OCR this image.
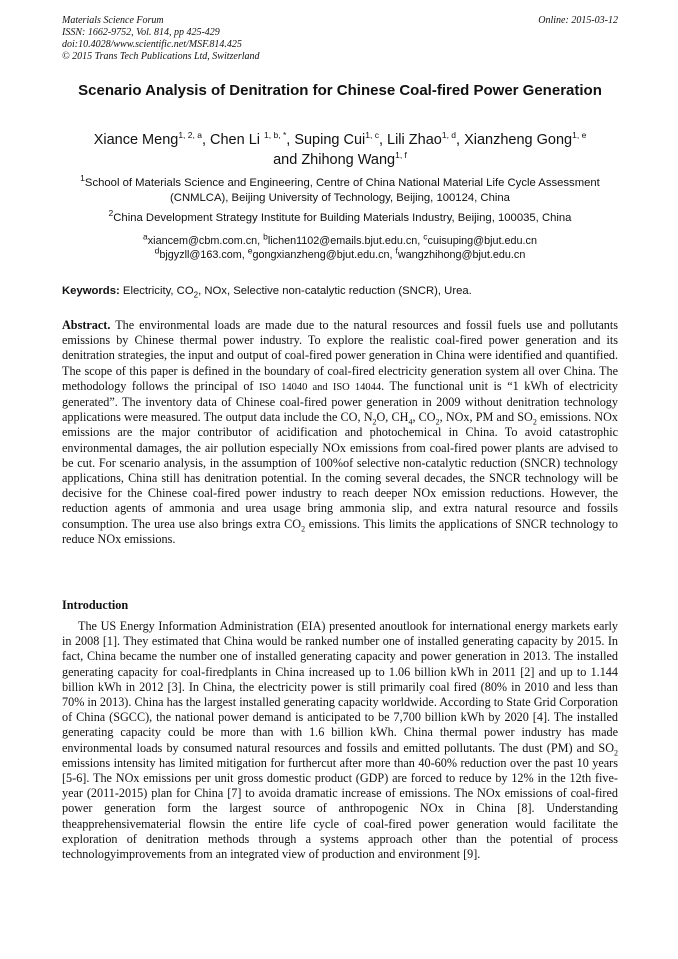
Materials Science Forum
ISSN: 1662-9752, Vol. 814, pp 425-429
doi:10.4028/www.scientific.net/MSF.814.425
© 2015 Trans Tech Publications Ltd, Switzerland
Online: 2015-03-12
Scenario Analysis of Denitration for Chinese Coal-fired Power Generation
Xiance Meng$^{1, 2, a}$, Chen Li $^{1, b, *}$, Suping Cui$^{1, c}$, Lili Zhao$^{1, d}$, Xianzheng Gong$^{1, e}$
and Zhihong Wang$^{1, f}$
$^1$School of Materials Science and Engineering, Centre of China National Material Life Cycle Assessment (CNMLCA), Beijing University of Technology, Beijing, 100124, China
$^2$China Development Strategy Institute for Building Materials Industry, Beijing, 100035, China
$^a$xiancem@cbm.com.cn, $^b$lichen1102@emails.bjut.edu.cn, $^c$cuisuping@bjut.edu.cn
$^d$bjgyzll@163.com, $^e$gongxianzheng@bjut.edu.cn, $^f$wangzhihong@bjut.edu.cn
Keywords: Electricity, $CO_2$, NOx, Selective non-catalytic reduction (SNCR), Urea.

Abstract. The environmental loads are made due to the natural resources and fossil fuels use and pollutants emissions by Chinese thermal power industry. To explore the realistic coal-fired power generation and its denitration strategies, the input and output of coal-fired power generation in China were identified and quantified. The scope of this paper is defined in the boundary of coal-fired electricity generation system all over China. The methodology follows the principal of ISO 14040 and ISO 14044. The functional unit is “1 kWh of electricity generated”. The inventory data of Chinese coal-fired power generation in 2009 without denitration technology applications were measured. The output data include the CO, $N_2O$, $CH_4$, $CO_2$, NOx, PM and $SO_2$ emissions. NOx emissions are the major contributor of acidification and photochemical in China. To avoid catastrophic environmental damages, the air pollution especially NOx emissions from coal-fired power plants are advised to be cut. For scenario analysis, in the assumption of 100%of selective non-catalytic reduction (SNCR) technology applications, China still has denitration potential. In the coming several decades, the SNCR technology will be decisive for the Chinese coal-fired power industry to reach deeper NOx emission reductions. However, the reduction agents of ammonia and urea usage bring ammonia slip, and extra natural resource and fossils consumption. The urea use also brings extra $CO_2$ emissions. This limits the applications of SNCR technology to reduce NOx emissions.

Introduction

The US Energy Information Administration (EIA) presented anoutlook for international energy markets early in 2008 [1]. They estimated that China would be ranked number one of installed generating capacity by 2015. In fact, China became the number one of installed generating capacity and power generation in 2013. The installed generating capacity for coal-firedplants in China increased up to 1.06 billion kWh in 2011 [2] and up to 1.144 billion kWh in 2012 [3]. In China, the electricity power is still primarily coal fired (80% in 2010 and less than 70% in 2013). China has the largest installed generating capacity worldwide. According to State Grid Corporation of China (SGCC), the national power demand is anticipated to be 7,700 billion kWh by 2020 [4]. The installed generating capacity could be more than with 1.6 billion kWh. China thermal power industry has made environmental loads by consumed natural resources and fossils and emitted pollutants. The dust (PM) and $SO_2$ emissions intensity has limited mitigation for furthercut after more than 40-60% reduction over the past 10 years [5-6]. The NOx emissions per unit gross domestic product (GDP) are forced to reduce by 12% in the 12th five-year (2011-2015) plan for China [7] to avoida dramatic increase of emissions. The NOx emissions of coal-fired power generation form the largest source of anthropogenic NOx in China [8]. Understanding theapprehensivematerial flowsin the entire life cycle of coal-fired power generation would facilitate the exploration of denitration methods through a systems approach other than the potential of process technologyimprovements from an integrated view of production and environment [9].
